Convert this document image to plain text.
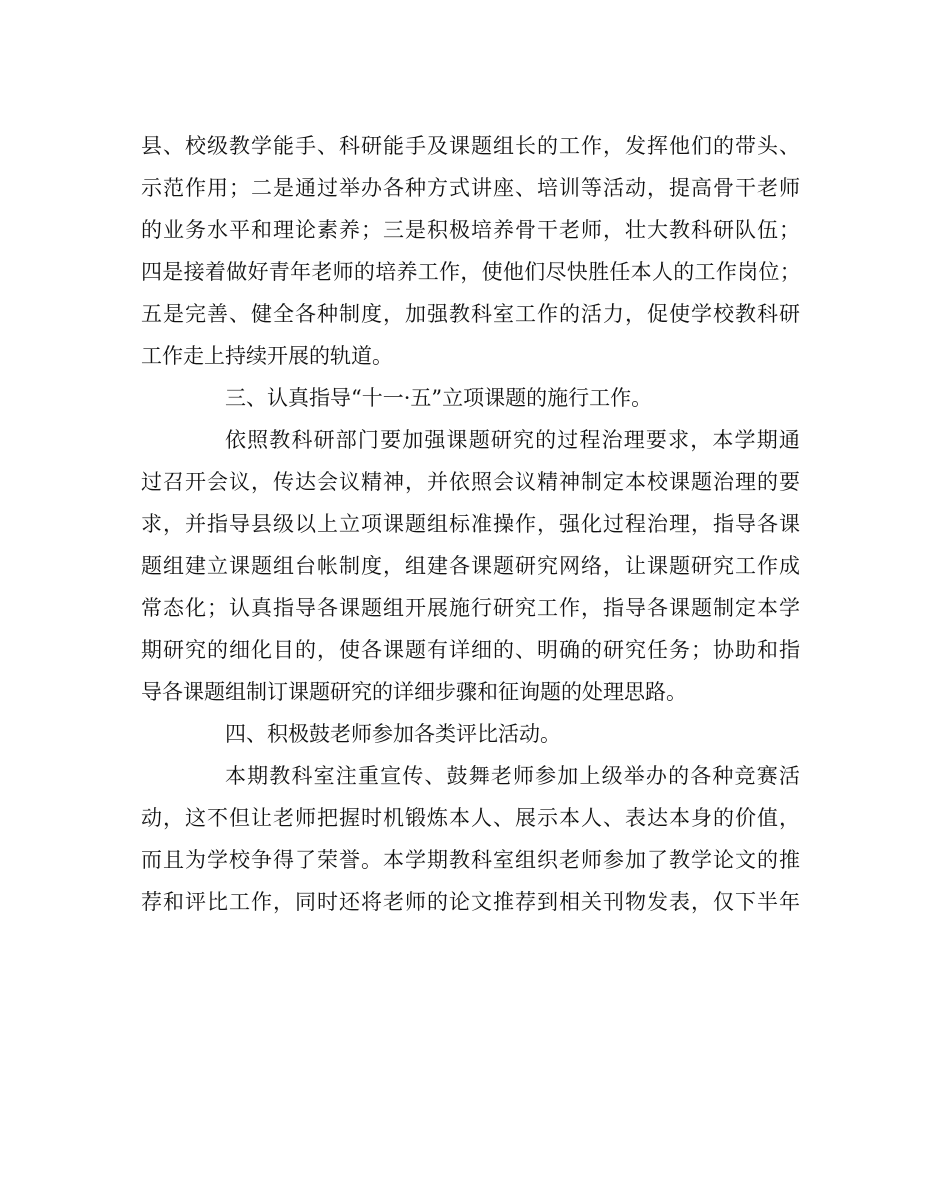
县、校级教学能手、科研能手及课题组长的工作，发挥他们的带头、
示范作用；二是通过举办各种方式讲座、培训等活动，提高骨干老师
的业务水平和理论素养；三是积极培养骨干老师，壮大教科研队伍；
四是接着做好青年老师的培养工作，使他们尽快胜任本人的工作岗位；
五是完善、健全各种制度，加强教科室工作的活力，促使学校教科研
工作走上持续开展的轨道。
三、认真指导“十一·五”立项课题的施行工作。
依照教科研部门要加强课题研究的过程治理要求，本学期通
过召开会议，传达会议精神，并依照会议精神制定本校课题治理的要
求，并指导县级以上立项课题组标准操作，强化过程治理，指导各课
题组建立课题组台帐制度，组建各课题研究网络，让课题研究工作成
常态化；认真指导各课题组开展施行研究工作，指导各课题制定本学
期研究的细化目的，使各课题有详细的、明确的研究任务；协助和指
导各课题组制订课题研究的详细步骤和征询题的处理思路。
四、积极鼓老师参加各类评比活动。
本期教科室注重宣传、鼓舞老师参加上级举办的各种竞赛活
动，这不但让老师把握时机锻炼本人、展示本人、表达本身的价值，
而且为学校争得了荣誉。本学期教科室组织老师参加了教学论文的推
荐和评比工作，同时还将老师的论文推荐到相关刊物发表，仅下半年
